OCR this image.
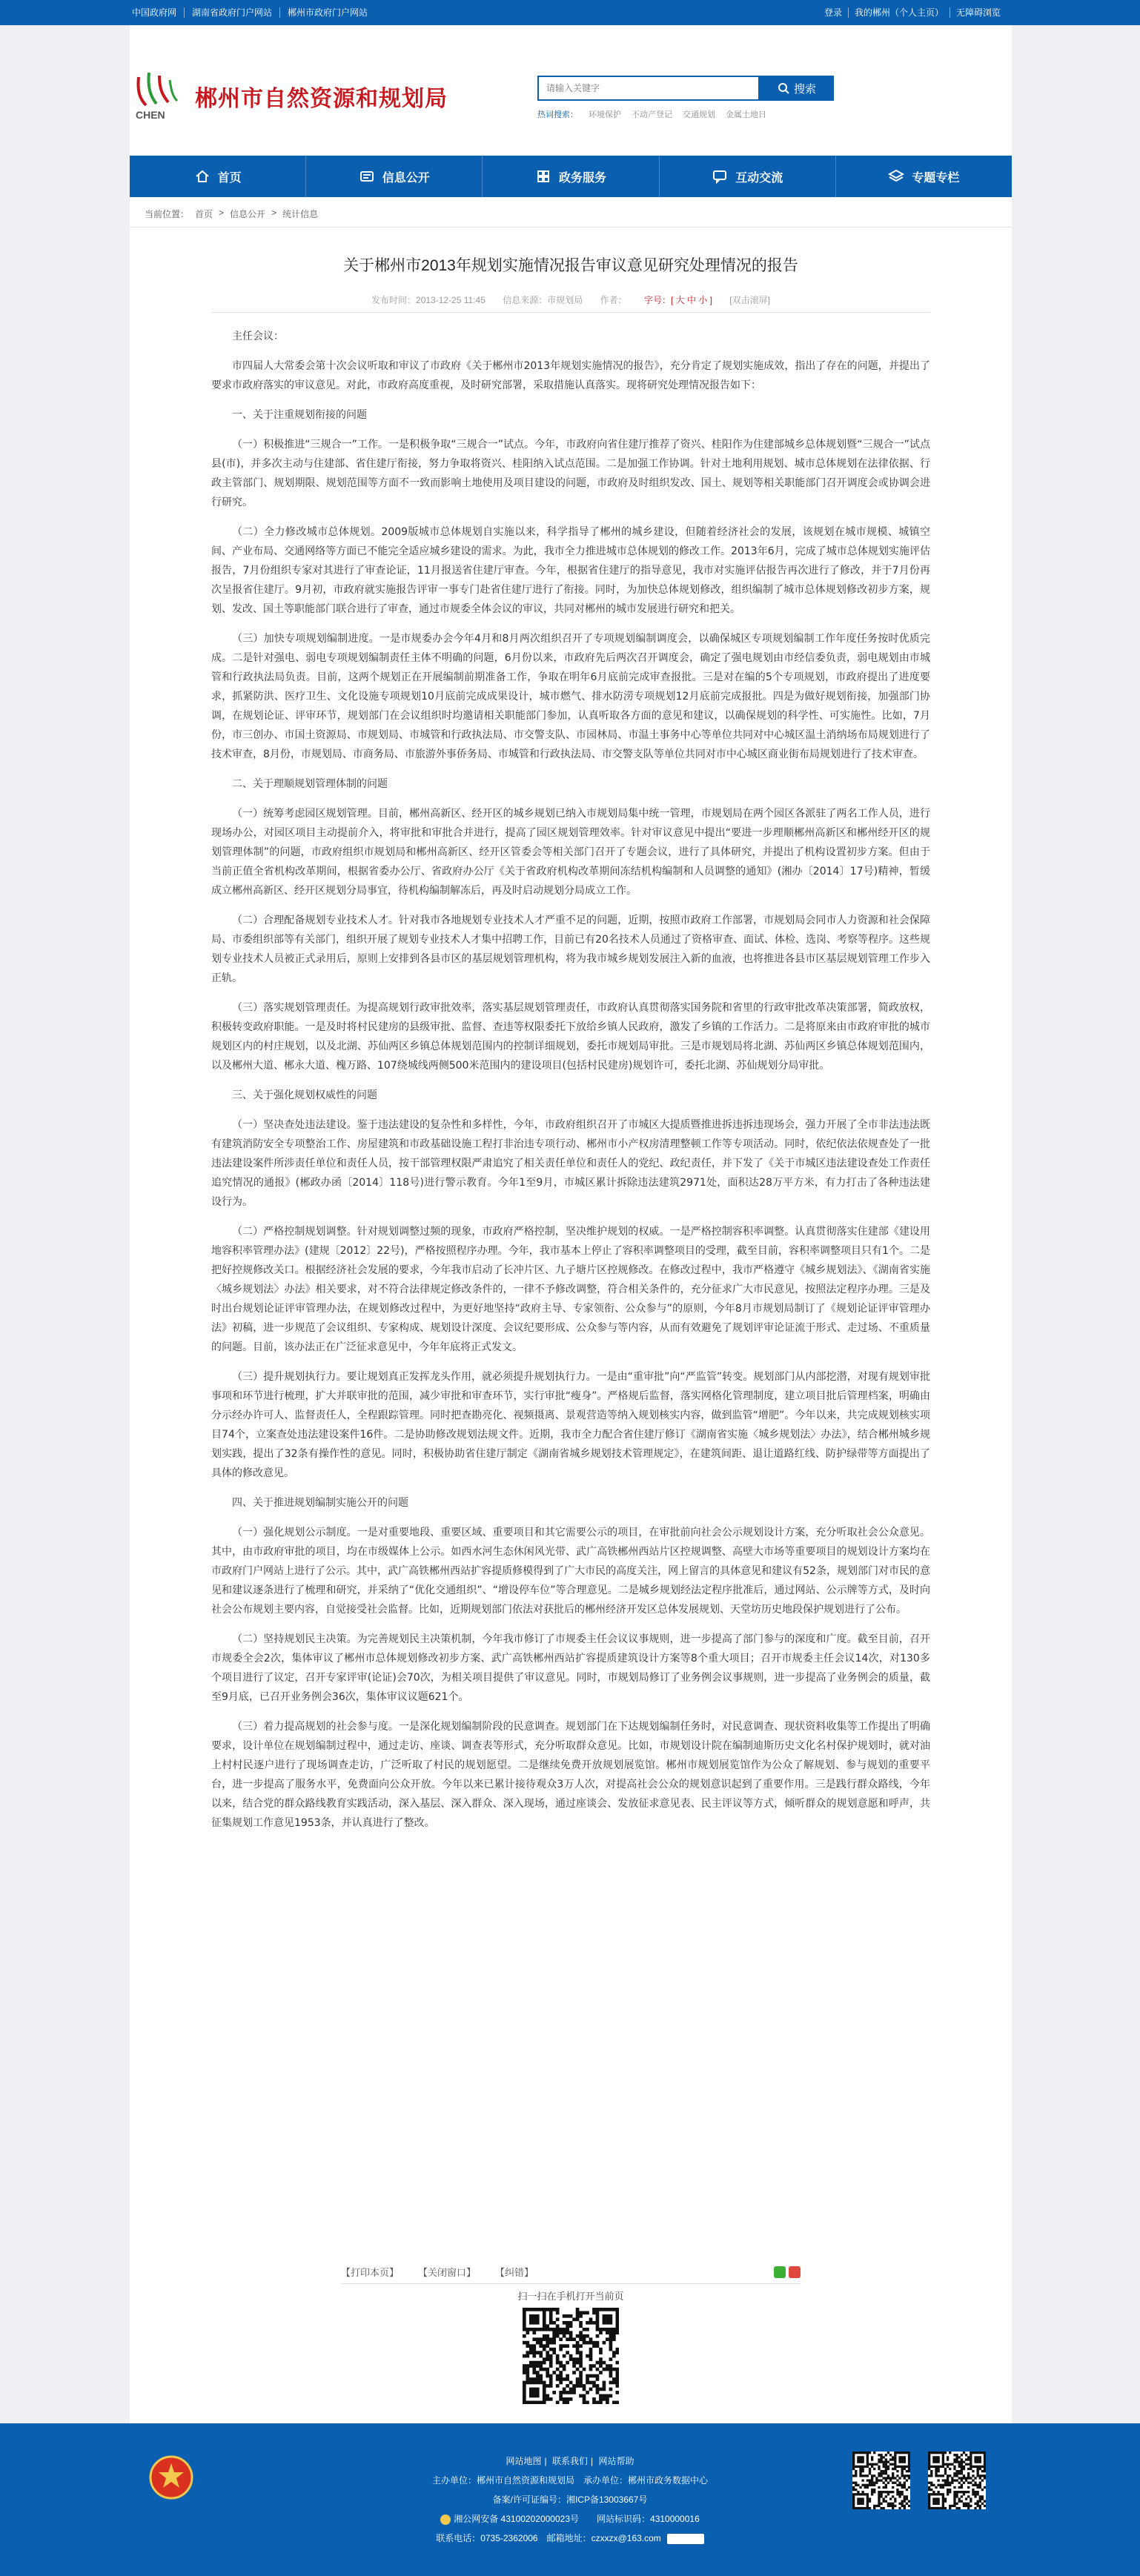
中国政府网	湖南省政府门户网站	郴州市政府门户网站	登录	我的郴州（个人主页）	无障碍浏览
CHEN
郴州市自然资源和规划局
请输入关键字	搜索
热词搜索： 环境保护 不动产登记 交通规划 金属土地日
首页	信息公开	政务服务	互动交流	专题专栏
当前位置： 首页 > 信息公开 > 统计信息
关于郴州市2013年规划实施情况报告审议意见研究处理情况的报告
发布时间：2013-12-25 11:45 信息来源：市规划局 作者： 字号：[ 大 中 小 ] [双击滚屏]

主任会议：

市四届人大常委会第十次会议听取和审议了市政府《关于郴州市2013年规划实施情况的报告》，充分肯定了规划实施成效，指出了存在的问题，并提出了要求市政府落实的审议意见。对此，市政府高度重视，及时研究部署，采取措施认真落实。现将研究处理情况报告如下：

一、关于注重规划衔接的问题

（一）积极推进“三规合一”工作。一是积极争取“三规合一”试点。今年，市政府向省住建厅推荐了资兴、桂阳作为住建部城乡总体规划暨“三规合一”试点县(市)，并多次主动与住建部、省住建厅衔接，努力争取将资兴、桂阳纳入试点范围。二是加强工作协调。针对土地利用规划、城市总体规划在法律依据、行政主管部门、规划期限、规划范围等方面不一致而影响土地使用及项目建设的问题，市政府及时组织发改、国土、规划等相关职能部门召开调度会或协调会进行研究。

（二）全力修改城市总体规划。2009版城市总体规划自实施以来，科学指导了郴州的城乡建设，但随着经济社会的发展，该规划在城市规模、城镇空间、产业布局、交通网络等方面已不能完全适应城乡建设的需求。为此，我市全力推进城市总体规划的修改工作。2013年6月，完成了城市总体规划实施评估报告，7月份组织专家对其进行了审查论证，11月报送省住建厅审查。今年，根据省住建厅的指导意见，我市对实施评估报告再次进行了修改，并于7月份再次呈报省住建厅。9月初，市政府就实施报告评审一事专门赴省住建厅进行了衔接。同时，为加快总体规划修改，组织编制了城市总体规划修改初步方案，规划、发改、国土等职能部门联合进行了审查，通过市规委全体会议的审议，共同对郴州的城市发展进行研究和把关。

（三）加快专项规划编制进度。一是市规委办会今年4月和8月两次组织召开了专项规划编制调度会，以确保城区专项规划编制工作年度任务按时优质完成。二是针对强电、弱电专项规划编制责任主体不明确的问题，6月份以来，市政府先后两次召开调度会，确定了强电规划由市经信委负责，弱电规划由市城管和行政执法局负责。目前，这两个规划正在开展编制前期准备工作，争取在明年6月底前完成审查报批。三是对在编的5个专项规划，市政府提出了进度要求，抓紧防洪、医疗卫生、文化设施专项规划10月底前完成成果设计，城市燃气、排水防涝专项规划12月底前完成报批。四是为做好规划衔接，加强部门协调，在规划论证、评审环节，规划部门在会议组织时均邀请相关职能部门参加，认真听取各方面的意见和建议，以确保规划的科学性、可实施性。比如，7月份，市三创办、市国土资源局、市规划局、市城管和行政执法局、市交警支队、市园林局、市温土事务中心等单位共同对中心城区温土消纳场布局规划进行了技术审查，8月份，市规划局、市商务局、市旅游外事侨务局、市城管和行政执法局、市交警支队等单位共同对市中心城区商业街布局规划进行了技术审查。

二、关于理顺规划管理体制的问题

（一）统筹考虑园区规划管理。目前，郴州高新区、经开区的城乡规划已纳入市规划局集中统一管理，市规划局在两个园区各派驻了两名工作人员，进行现场办公，对园区项目主动提前介入，将审批和审批合并进行，提高了园区规划管理效率。针对审议意见中提出“要进一步理顺郴州高新区和郴州经开区的规划管理体制”的问题，市政府组织市规划局和郴州高新区、经开区管委会等相关部门召开了专题会议，进行了具体研究，并提出了机构设置初步方案。但由于当前正值全省机构改革期间，根据省委办公厅、省政府办公厅《关于省政府机构改革期间冻结机构编制和人员调整的通知》(湘办〔2014〕17号)精神，暂缓成立郴州高新区、经开区规划分局事宜，待机构编制解冻后，再及时启动规划分局成立工作。

（二）合理配备规划专业技术人才。针对我市各地规划专业技术人才严重不足的问题，近期，按照市政府工作部署，市规划局会同市人力资源和社会保障局、市委组织部等有关部门，组织开展了规划专业技术人才集中招聘工作，目前已有20名技术人员通过了资格审查、面试、体检、选岗、考察等程序。这些规划专业技术人员被正式录用后，原则上安排到各县市区的基层规划管理机构，将为我市城乡规划发展注入新的血液，也将推进各县市区基层规划管理工作步入正轨。

（三）落实规划管理责任。为提高规划行政审批效率，落实基层规划管理责任，市政府认真贯彻落实国务院和省里的行政审批改革决策部署，简政放权，积极转变政府职能。一是及时将村民建房的县级审批、监督、查违等权限委托下放给乡镇人民政府，激发了乡镇的工作活力。二是将原来由市政府审批的城市规划区内的村庄规划，以及北湖、苏仙两区乡镇总体规划范围内的控制详细规划，委托市规划局审批。三是市规划局将北湖、苏仙两区乡镇总体规划范围内，以及郴州大道、郴永大道、槐万路、107绕城线两侧500米范围内的建设项目(包括村民建房)规划许可，委托北湖、苏仙规划分局审批。

三、关于强化规划权威性的问题

（一）坚决查处违法建设。鉴于违法建设的复杂性和多样性，今年，市政府组织召开了市城区大提质暨推进拆违拆违现场会，强力开展了全市非法违法既有建筑消防安全专项整治工作、房屋建筑和市政基础设施工程打非治违专项行动、郴州市小产权房清理整顿工作等专项活动。同时，依纪依法依规查处了一批违法建设案件所涉责任单位和责任人员，按干部管理权限严肃追究了相关责任单位和责任人的党纪、政纪责任，并下发了《关于市城区违法建设查处工作责任追究情况的通报》(郴政办函〔2014〕118号)进行警示教育。今年1至9月，市城区累计拆除违法建筑2971处，面积达28万平方米，有力打击了各种违法建设行为。

（二）严格控制规划调整。针对规划调整过频的现象，市政府严格控制，坚决维护规划的权威。一是严格控制容积率调整。认真贯彻落实住建部《建设用地容积率管理办法》(建规〔2012〕22号)，严格按照程序办理。今年，我市基本上停止了容积率调整项目的受理，截至目前，容积率调整项目只有1个。二是把好控规修改关口。根据经济社会发展的要求，今年我市启动了长冲片区、九子塘片区控规修改。在修改过程中，我市严格遵守《城乡规划法》、《湖南省实施〈城乡规划法〉办法》相关要求，对不符合法律规定修改条件的，一律不予修改调整，符合相关条件的，充分征求广大市民意见，按照法定程序办理。三是及时出台规划论证评审管理办法，在规划修改过程中，为更好地坚持“政府主导、专家领衔、公众参与”的原则，今年8月市规划局制订了《规划论证评审管理办法》初稿，进一步规范了会议组织、专家构成、规划设计深度、会议纪要形成、公众参与等内容，从而有效避免了规划评审论证流于形式、走过场、不重质量的问题。目前，该办法正在广泛征求意见中，今年年底将正式发文。

（三）提升规划执行力。要让规划真正发挥龙头作用，就必须提升规划执行力。一是由“重审批”向“严监管”转变。规划部门从内部挖潜，对现有规划审批事项和环节进行梳理，扩大并联审批的范围，减少审批和审查环节，实行审批“瘦身”。严格规后监督，落实网格化管理制度，建立项目批后管理档案，明确由分示经办许可人、监督责任人，全程跟踪管理。同时把查勘亮化、视频摄离、景观营造等纳入规划核实内容，做到监管“增肥”。今年以来，共完成规划核实项目74个，立案查处违法建设案件16件。二是协助修改规划法规文件。近期，我市全力配合省住建厅修订《湖南省实施〈城乡规划法〉办法》，结合郴州城乡规划实践，提出了32条有操作性的意见。同时，积极协助省住建厅制定《湖南省城乡规划技术管理规定》，在建筑间距、退让道路红线、防护绿带等方面提出了具体的修改意见。

四、关于推进规划编制实施公开的问题

（一）强化规划公示制度。一是对重要地段、重要区域、重要项目和其它需要公示的项目，在审批前向社会公示规划设计方案，充分听取社会公众意见。其中，由市政府审批的项目，均在市级媒体上公示。如西水河生态休闲风光带、武广高铁郴州西站片区控规调整、高壁大市场等重要项目的规划设计方案均在市政府门户网站上进行了公示。其中，武广高铁郴州西站扩容提质修模得到了广大市民的高度关注，网上留言的具体意见和建议有52条，规划部门对市民的意见和建议逐条进行了梳理和研究，并采纳了“优化交通组织”、“增设停车位”等合理意见。二是城乡规划经法定程序批准后，通过网站、公示牌等方式，及时向社会公布规划主要内容，自觉接受社会监督。比如，近期规划部门依法对获批后的郴州经济开发区总体发展规划、天堂坊历史地段保护规划进行了公布。

（二）坚持规划民主决策。为完善规划民主决策机制，今年我市修订了市规委主任会议议事规则，进一步提高了部门参与的深度和广度。截至目前，召开市规委全会2次，集体审议了郴州市总体规划修改初步方案、武广高铁郴州西站扩容提质建筑设计方案等8个重大项目；召开市规委主任会议14次，对130多个项目进行了议定，召开专家评审(论证)会70次，为相关项目提供了审议意见。同时，市规划局修订了业务例会议事规则，进一步提高了业务例会的质量，截至9月底，已召开业务例会36次，集体审议议题621个。

（三）着力提高规划的社会参与度。一是深化规划编制阶段的民意调查。规划部门在下达规划编制任务时，对民意调查、现状资料收集等工作提出了明确要求，设计单位在规划编制过程中，通过走访、座谈、调查表等形式，充分听取群众意见。比如，市规划设计院在编制迪斯历史文化名村保护规划时，就对油上村村民逐户进行了现场调查走访，广泛听取了村民的规划愿望。二是继续免费开放规划展览馆。郴州市规划展览馆作为公众了解规划、参与规划的重要平台，进一步提高了服务水平，免费面向公众开放。今年以来已累计接待观众3万人次，对提高社会公众的规划意识起到了重要作用。三是践行群众路线，今年以来，结合党的群众路线教育实践活动，深入基层、深入群众、深入现场，通过座谈会、发放征求意见表、民主评议等方式，倾听群众的规划意愿和呼声，共征集规划工作意见1953条，并认真进行了整改。

【打印本页】 【关闭窗口】 【纠错】
扫一扫在手机打开当前页
网站地图 | 联系我们 | 网站帮助
主办单位：郴州市自然资源和规划局　承办单位：郴州市政务数据中心
备案/许可证编号：湘ICP备13003667号
湘公网安备 43100202000023号　　 网站标识码：4310000016
联系电话：0735-2362006　邮箱地址：czxxzx@163.com
